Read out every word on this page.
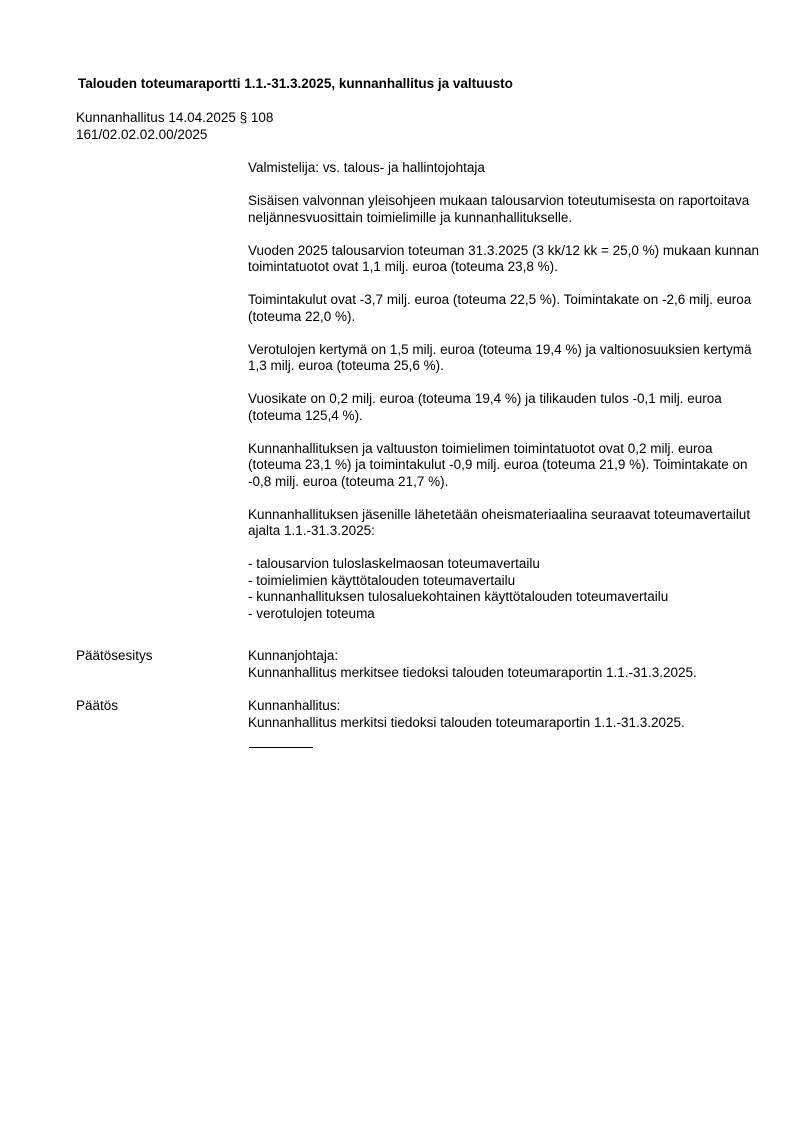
Talouden toteumaraportti 1.1.-31.3.2025, kunnanhallitus ja valtuusto
Kunnanhallitus 14.04.2025 § 108
161/02.02.02.00/2025

Valmistelija: vs. talous- ja hallintojohtaja

Sisäisen valvonnan yleisohjeen mukaan talousarvion toteutumisesta on raportoitava neljännesvuosittain toimielimille ja kunnanhallitukselle.

Vuoden 2025 talousarvion toteuman 31.3.2025 (3 kk/12 kk = 25,0 %) mukaan kunnan toimintatuotot ovat 1,1 milj. euroa (toteuma 23,8 %).

Toimintakulut ovat -3,7 milj. euroa (toteuma 22,5 %). Toimintakate on -2,6 milj. euroa (toteuma 22,0 %).

Verotulojen kertymä on 1,5 milj. euroa (toteuma 19,4 %) ja valtionosuuksien kertymä 1,3 milj. euroa (toteuma 25,6 %).

Vuosikate on 0,2 milj. euroa (toteuma 19,4 %) ja tilikauden tulos -0,1 milj. euroa (toteuma 125,4 %).

Kunnanhallituksen ja valtuuston toimielimen toimintatuotot ovat 0,2 milj. euroa (toteuma 23,1 %) ja toimintakulut -0,9 milj. euroa (toteuma 21,9 %). Toimintakate on -0,8 milj. euroa (toteuma 21,7 %).

Kunnanhallituksen jäsenille lähetetään oheismateriaalina seuraavat toteumavertailut ajalta 1.1.-31.3.2025:

- talousarvion tuloslaskelmaosan toteumavertailu
- toimielimien käyttötalouden toteumavertailu
- kunnanhallituksen tulosaluekohtainen käyttötalouden toteumavertailu
- verotulojen toteuma
Päätösesitys	Kunnanjohtaja:
Kunnanhallitus merkitsee tiedoksi talouden toteumaraportin 1.1.-31.3.2025.
Päätös	Kunnanhallitus:
Kunnanhallitus merkitsi tiedoksi talouden toteumaraportin 1.1.-31.3.2025.
